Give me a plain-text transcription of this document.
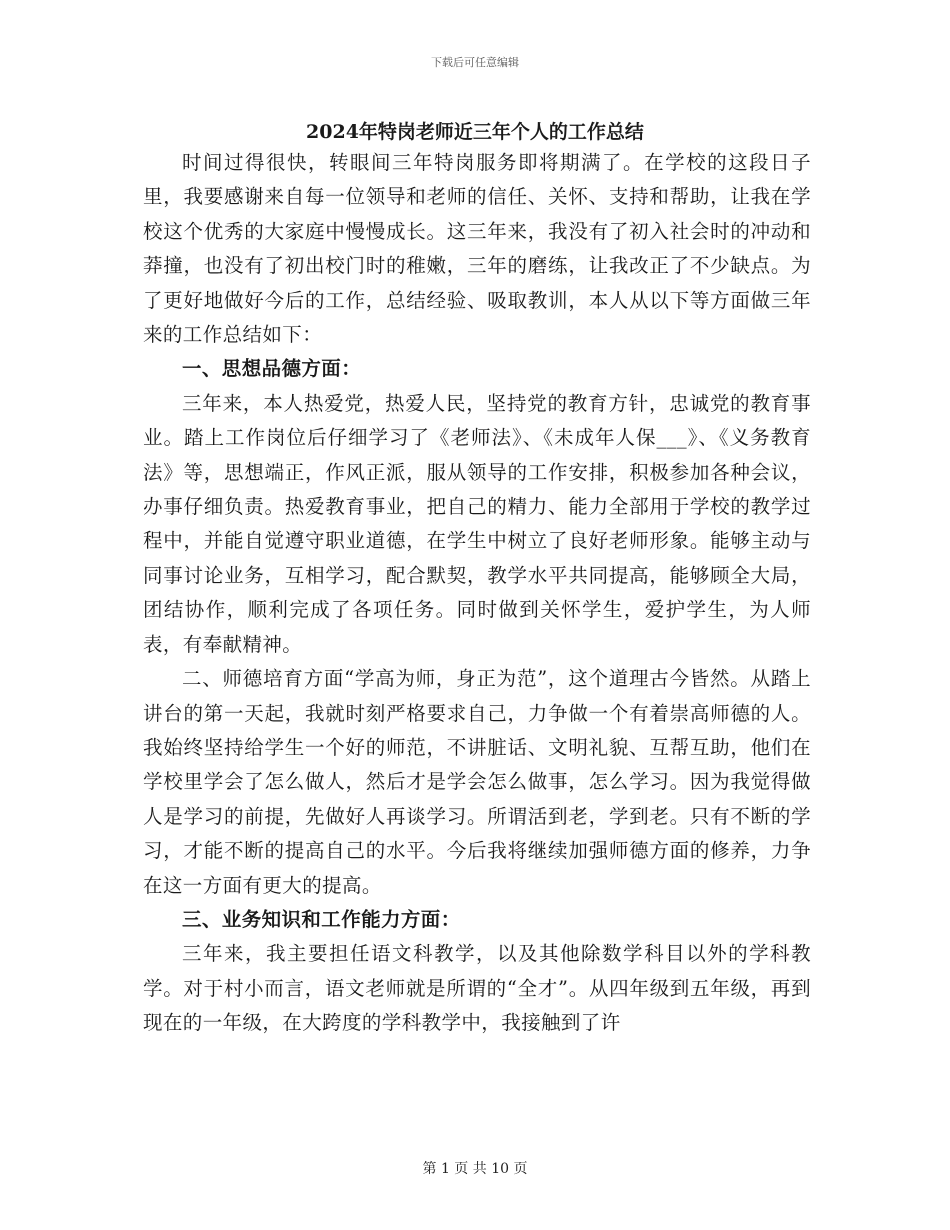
下载后可任意编辑
2024年特岗老师近三年个人的工作总结

时间过得很快，转眼间三年特岗服务即将期满了。在学校的这段日子里，我要感谢来自每一位领导和老师的信任、关怀、支持和帮助，让我在学校这个优秀的大家庭中慢慢成长。这三年来，我没有了初入社会时的冲动和莽撞，也没有了初出校门时的稚嫩，三年的磨练，让我改正了不少缺点。为了更好地做好今后的工作，总结经验、吸取教训，本人从以下等方面做三年来的工作总结如下：

一、思想品德方面：

三年来，本人热爱党，热爱人民，坚持党的教育方针，忠诚党的教育事业。踏上工作岗位后仔细学习了《老师法》、《未成年人保___》、《义务教育法》等，思想端正，作风正派，服从领导的工作安排，积极参加各种会议，办事仔细负责。热爱教育事业，把自己的精力、能力全部用于学校的教学过程中，并能自觉遵守职业道德，在学生中树立了良好老师形象。能够主动与同事讨论业务，互相学习，配合默契，教学水平共同提高，能够顾全大局，团结协作，顺利完成了各项任务。同时做到关怀学生，爱护学生，为人师表，有奉献精神。

二、师德培育方面“学高为师，身正为范”，这个道理古今皆然。从踏上讲台的第一天起，我就时刻严格要求自己，力争做一个有着崇高师德的人。我始终坚持给学生一个好的师范，不讲脏话、文明礼貌、互帮互助，他们在学校里学会了怎么做人，然后才是学会怎么做事，怎么学习。因为我觉得做人是学习的前提，先做好人再谈学习。所谓活到老，学到老。只有不断的学习，才能不断的提高自己的水平。今后我将继续加强师德方面的修养，力争在这一方面有更大的提高。

三、业务知识和工作能力方面：

三年来，我主要担任语文科教学，以及其他除数学科目以外的学科教学。对于村小而言，语文老师就是所谓的“全才”。从四年级到五年级，再到现在的一年级，在大跨度的学科教学中，我接触到了许

第 1 页 共 10 页
